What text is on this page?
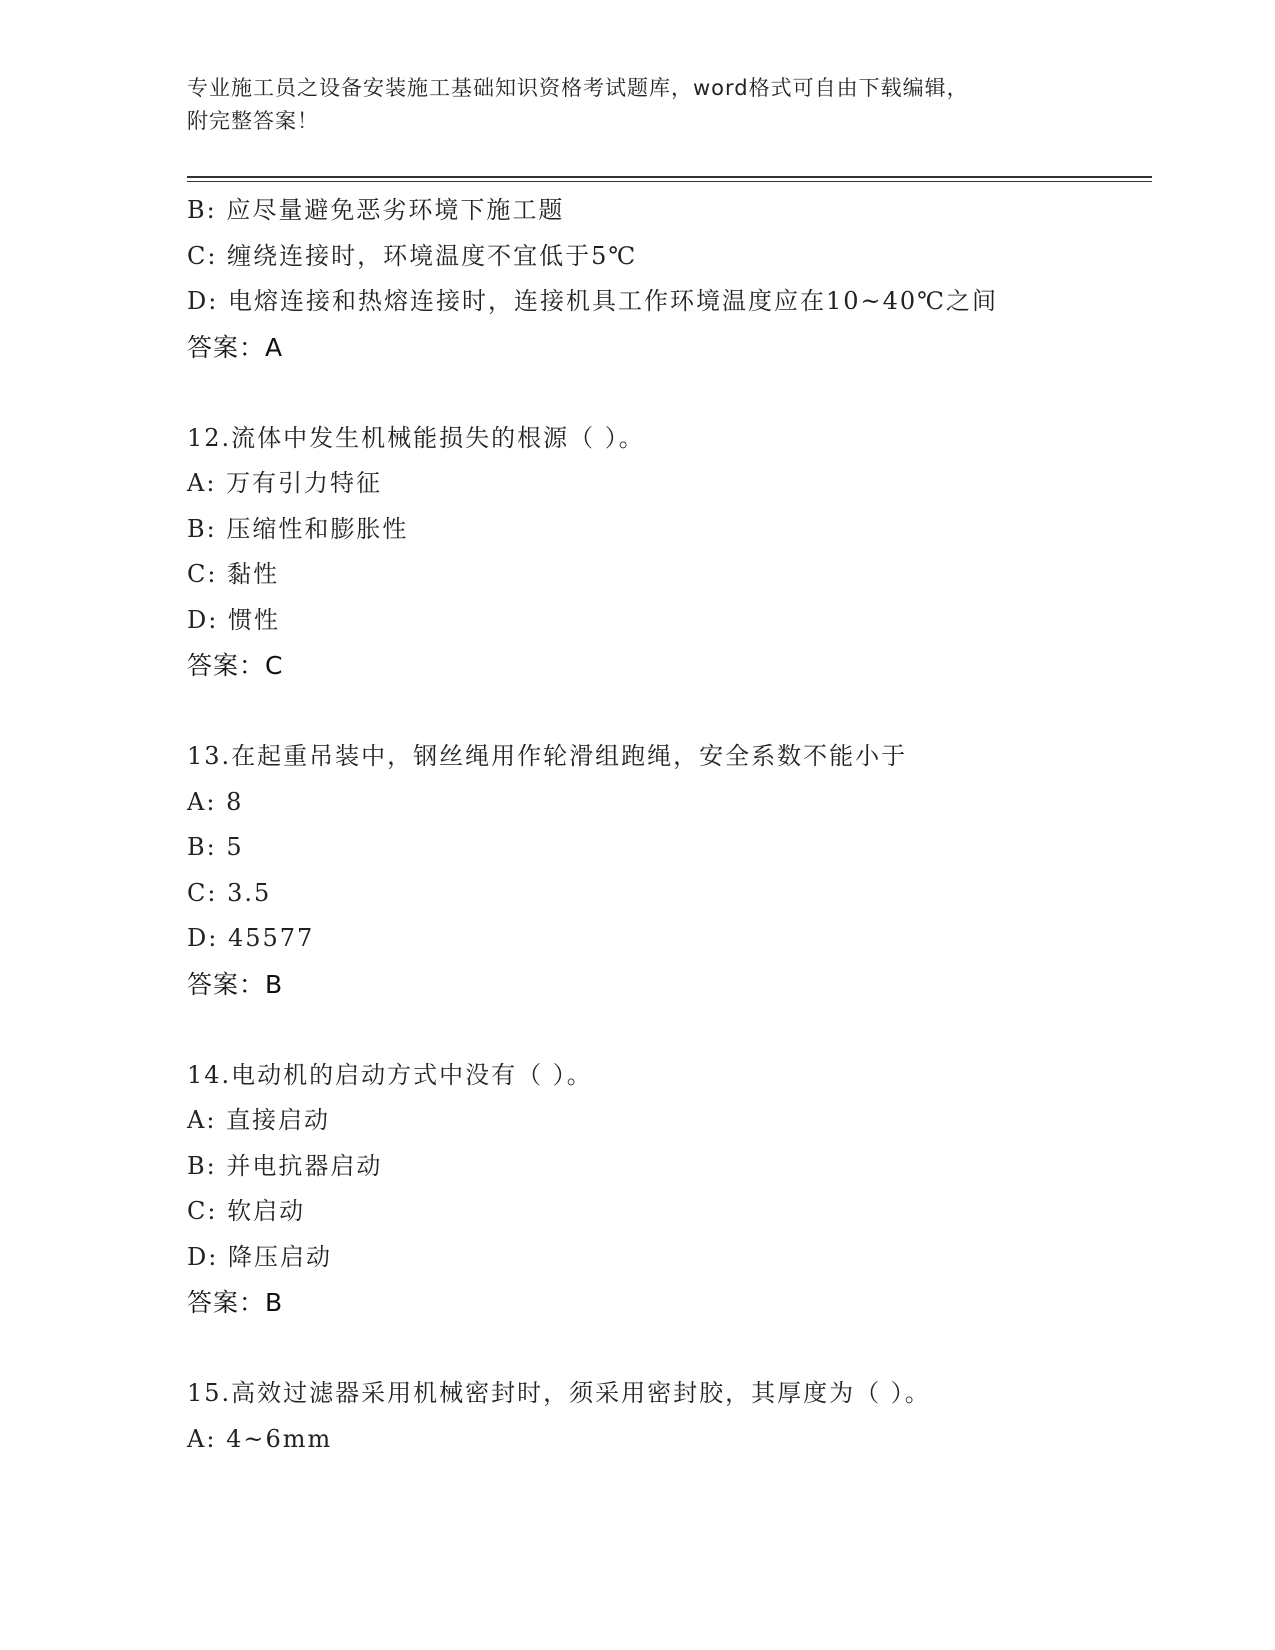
专业施工员之设备安装施工基础知识资格考试题库，word格式可自由下载编辑，
附完整答案！
B: 应尽量避免恶劣环境下施工题
C: 缠绕连接时，环境温度不宜低于5℃
D: 电熔连接和热熔连接时，连接机具工作环境温度应在10~40℃之间
答案：A
12.流体中发生机械能损失的根源（ ）。
A: 万有引力特征
B: 压缩性和膨胀性
C: 黏性
D: 惯性
答案：C
13.在起重吊装中，钢丝绳用作轮滑组跑绳，安全系数不能小于
A: 8
B: 5
C: 3.5
D: 45577
答案：B
14.电动机的启动方式中没有（ ）。
A: 直接启动
B: 并电抗器启动
C: 软启动
D: 降压启动
答案：B
15.高效过滤器采用机械密封时，须采用密封胶，其厚度为（ ）。
A: 4~6mm
